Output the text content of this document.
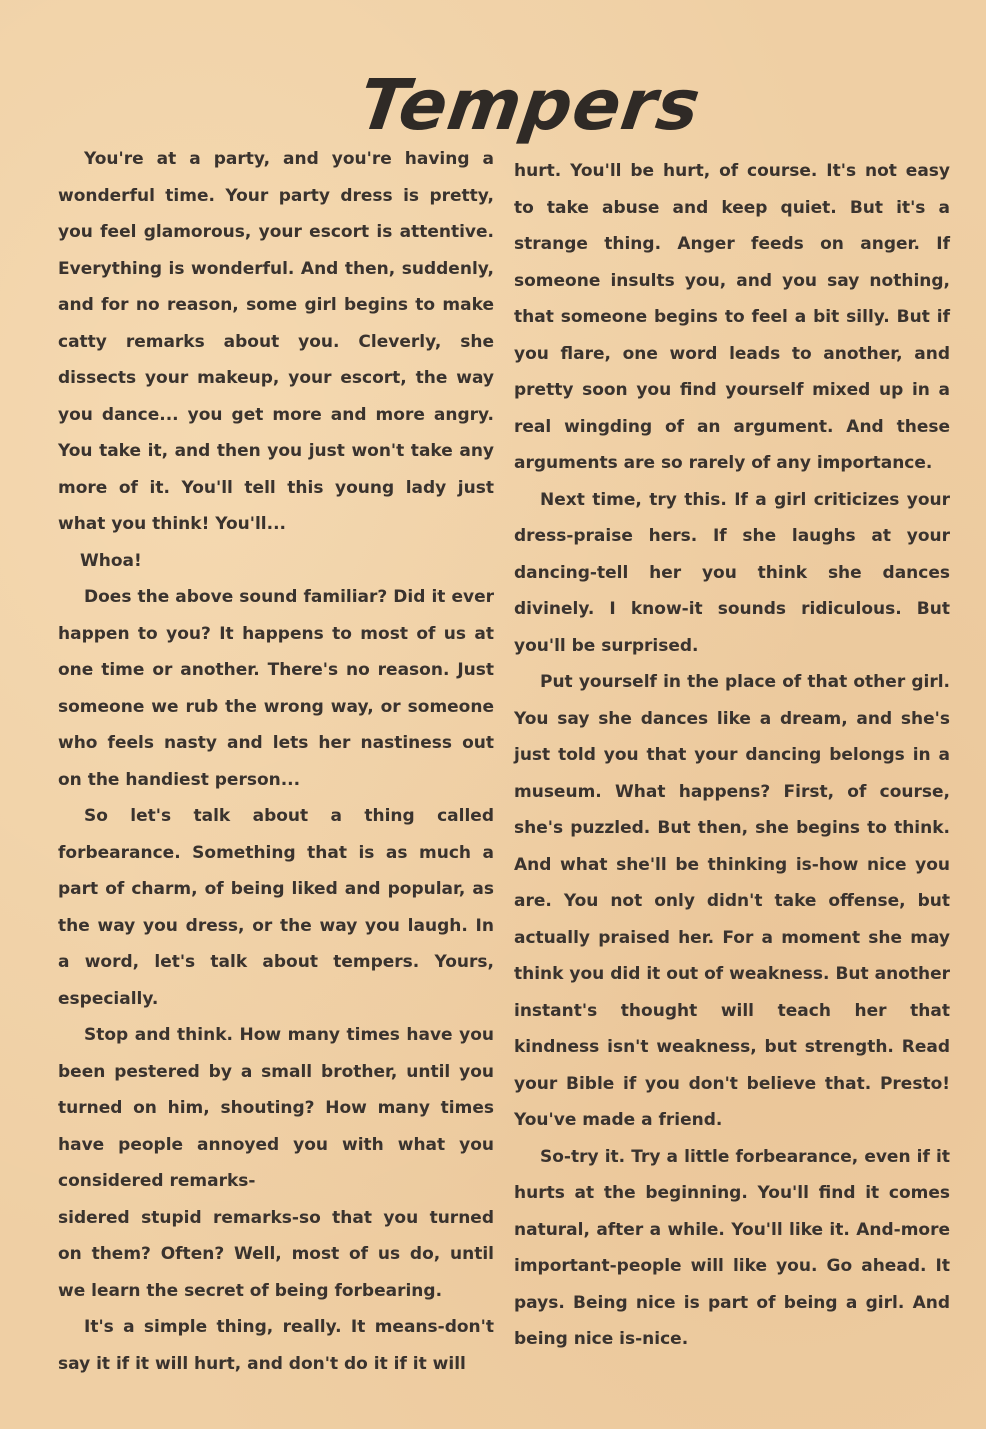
Tempers

You're at a party, and you're having a wonderful time. Your party dress is pretty, you feel glamorous, your escort is attentive. Everything is wonderful. And then, suddenly, and for no reason, some girl begins to make catty remarks about you. Cleverly, she dissects your makeup, your escort, the way you dance... you get more and more angry. You take it, and then you just won't take any more of it. You'll tell this young lady just what you think! You'll...

Whoa!

Does the above sound familiar? Did it ever happen to you? It happens to most of us at one time or another. There's no reason. Just someone we rub the wrong way, or someone who feels nasty and lets her nastiness out on the handiest person...

So let's talk about a thing called forbearance. Something that is as much a part of charm, of being liked and popular, as the way you dress, or the way you laugh. In a word, let's talk about tempers. Yours, especially.

Stop and think. How many times have you been pestered by a small brother, until you turned on him, shouting? How many times have people annoyed you with what you considered remarks-

sidered stupid remarks-so that you turned on them? Often? Well, most of us do, until we learn the secret of being forbearing.

It's a simple thing, really. It means-don't say it if it will hurt, and don't do it if it will

hurt. You'll be hurt, of course. It's not easy to take abuse and keep quiet. But it's a strange thing. Anger feeds on anger. If someone insults you, and you say nothing, that someone begins to feel a bit silly. But if you flare, one word leads to another, and pretty soon you find yourself mixed up in a real wingding of an argument. And these arguments are so rarely of any importance.

Next time, try this. If a girl criticizes your dress-praise hers. If she laughs at your dancing-tell her you think she dances divinely. I know-it sounds ridiculous. But you'll be surprised.

Put yourself in the place of that other girl. You say she dances like a dream, and she's just told you that your dancing belongs in a museum. What happens? First, of course, she's puzzled. But then, she begins to think. And what she'll be thinking is-how nice you are. You not only didn't take offense, but actually praised her. For a moment she may think you did it out of weakness. But another instant's thought will teach her that kindness isn't weakness, but strength. Read your Bible if you don't believe that. Presto! You've made a friend.

So-try it. Try a little forbearance, even if it hurts at the beginning. You'll find it comes natural, after a while. You'll like it. And-more important-people will like you. Go ahead. It pays. Being nice is part of being a girl. And being nice is-nice.
